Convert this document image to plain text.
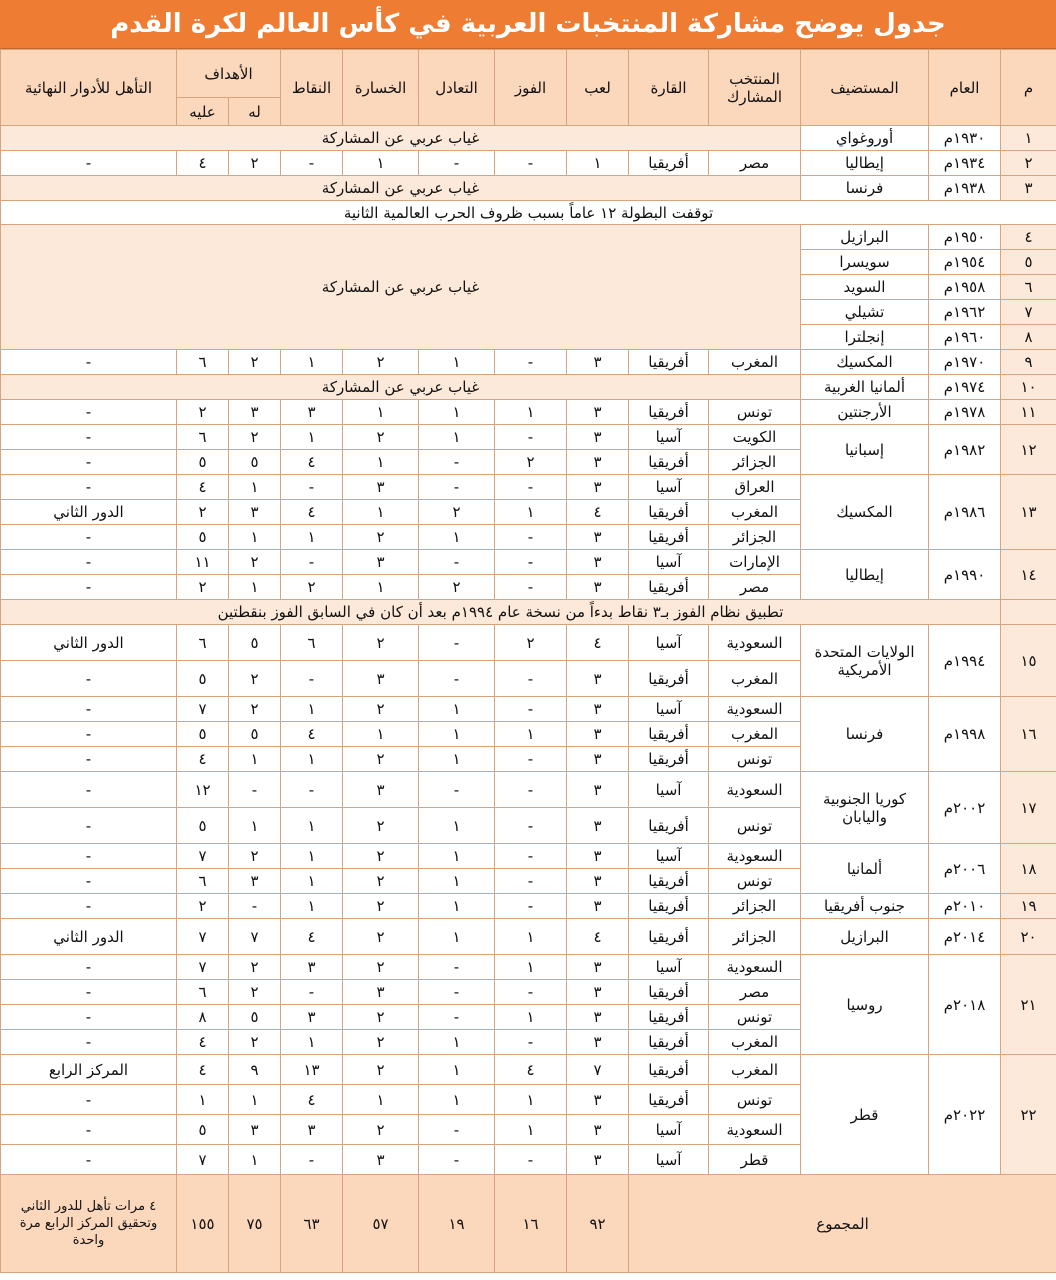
جدول يوضح مشاركة المنتخبات العربية في كأس العالم لكرة القدم
م	العام	المستضيف	المنتخب المشارك	القارة	لعب	الفوز	التعادل	الخسارة	النقاط	الأهداف		التأهل للأدوار النهائية
										له	عليه	
١	١٩٣٠م	أوروغواي	غياب عربي عن المشاركة									
٢	١٩٣٤م	إيطاليا	مصر	أفريقيا	١	-	-	١	-	٢	٤	-
٣	١٩٣٨م	فرنسا	غياب عربي عن المشاركة									
توقفت البطولة ١٢ عاماً بسبب ظروف الحرب العالمية الثانية												
٤	١٩٥٠م	البرازيل	غياب عربي عن المشاركة									
٥	١٩٥٤م	سويسرا										
٦	١٩٥٨م	السويد										
٧	١٩٦٢م	تشيلي										
٨	١٩٦٠م	إنجلترا										
٩	١٩٧٠م	المكسيك	المغرب	أفريقيا	٣	-	١	٢	١	٢	٦	-
١٠	١٩٧٤م	ألمانيا الغربية	غياب عربي عن المشاركة									
١١	١٩٧٨م	الأرجنتين	تونس	أفريقيا	٣	١	١	١	٣	٣	٢	-
١٢	١٩٨٢م	إسبانيا	الكويت	آسيا	٣	-	١	٢	١	٢	٦	-
			الجزائر	أفريقيا	٣	٢	-	١	٤	٥	٥	-
١٣	١٩٨٦م	المكسيك	العراق	آسيا	٣	-	-	٣	-	١	٤	-
			المغرب	أفريقيا	٤	١	٢	١	٤	٣	٢	الدور الثاني
			الجزائر	أفريقيا	٣	-	١	٢	١	١	٥	-
١٤	١٩٩٠م	إيطاليا	الإمارات	آسيا	٣	-	-	٣	-	٢	١١	-
			مصر	أفريقيا	٣	-	٢	١	٢	١	٢	-
	تطبيق نظام الفوز بـ٣ نقاط بدءاً من نسخة عام ١٩٩٤م بعد أن كان في السابق الفوز بنقطتين											
١٥	١٩٩٤م	الولايات المتحدة الأمريكية	السعودية	آسيا	٤	٢	-	٢	٦	٥	٦	الدور الثاني
			المغرب	أفريقيا	٣	-	-	٣	-	٢	٥	-
١٦	١٩٩٨م	فرنسا	السعودية	آسيا	٣	-	١	٢	١	٢	٧	-
			المغرب	أفريقيا	٣	١	١	١	٤	٥	٥	-
			تونس	أفريقيا	٣	-	١	٢	١	١	٤	-
١٧	٢٠٠٢م	كوريا الجنوبية واليابان	السعودية	آسيا	٣	-	-	٣	-	-	١٢	-
			تونس	أفريقيا	٣	-	١	٢	١	١	٥	-
١٨	٢٠٠٦م	ألمانيا	السعودية	آسيا	٣	-	١	٢	١	٢	٧	-
			تونس	أفريقيا	٣	-	١	٢	١	٣	٦	-
١٩	٢٠١٠م	جنوب أفريقيا	الجزائر	أفريقيا	٣	-	١	٢	١	-	٢	-
٢٠	٢٠١٤م	البرازيل	الجزائر	أفريقيا	٤	١	١	٢	٤	٧	٧	الدور الثاني
٢١	٢٠١٨م	روسيا	السعودية	آسيا	٣	١	-	٢	٣	٢	٧	-
			مصر	أفريقيا	٣	-	-	٣	-	٢	٦	-
			تونس	أفريقيا	٣	١	-	٢	٣	٥	٨	-
			المغرب	أفريقيا	٣	-	١	٢	١	٢	٤	-
٢٢	٢٠٢٢م	قطر	المغرب	أفريقيا	٧	٤	١	٢	١٣	٩	٤	المركز الرابع
			تونس	أفريقيا	٣	١	١	١	٤	١	١	-
			السعودية	آسيا	٣	١	-	٢	٣	٣	٥	-
			قطر	آسيا	٣	-	-	٣	-	١	٧	-
المجموع					٩٢	١٦	١٩	٥٧	٦٣	٧٥	١٥٥	٤ مرات تأهل للدور الثاني وتحقيق المركز الرابع مرة واحدة
